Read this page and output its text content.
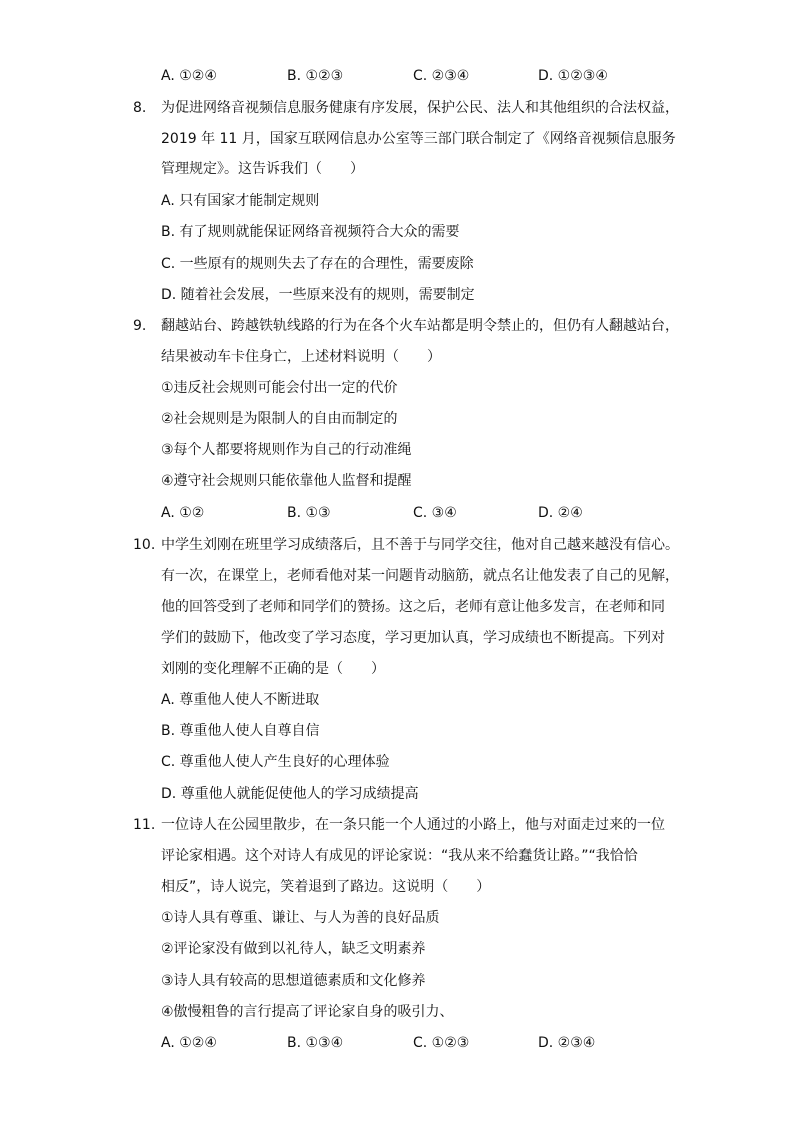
A. ①②④	B. ①②③	C. ②③④	D. ①②③④
8. 为促进网络音视频信息服务健康有序发展，保护公民、法人和其他组织的合法权益，
2019 年 11 月，国家互联网信息办公室等三部门联合制定了《网络音视频信息服务
管理规定》。这告诉我们（　　）
A. 只有国家才能制定规则
B. 有了规则就能保证网络音视频符合大众的需要
C. 一些原有的规则失去了存在的合理性，需要废除
D. 随着社会发展，一些原来没有的规则，需要制定
9. 翻越站台、跨越铁轨线路的行为在各个火车站都是明令禁止的，但仍有人翻越站台，
结果被动车卡住身亡，上述材料说明（　　）
①违反社会规则可能会付出一定的代价
②社会规则是为限制人的自由而制定的
③每个人都要将规则作为自己的行动准绳
④遵守社会规则只能依靠他人监督和提醒
A. ①②	B. ①③	C. ③④	D. ②④
10. 中学生刘刚在班里学习成绩落后，且不善于与同学交往，他对自己越来越没有信心。
有一次，在课堂上，老师看他对某一问题肯动脑筋，就点名让他发表了自己的见解，
他的回答受到了老师和同学们的赞扬。这之后，老师有意让他多发言，在老师和同
学们的鼓励下，他改变了学习态度，学习更加认真，学习成绩也不断提高。下列对
刘刚的变化理解不正确的是（　　）
A. 尊重他人使人不断进取
B. 尊重他人使人自尊自信
C. 尊重他人使人产生良好的心理体验
D. 尊重他人就能促使他人的学习成绩提高
11. 一位诗人在公园里散步，在一条只能一个人通过的小路上，他与对面走过来的一位
评论家相遇。这个对诗人有成见的评论家说：“我从来不给蠢货让路。”“我恰恰
相反”，诗人说完，笑着退到了路边。这说明（　　）
①诗人具有尊重、谦让、与人为善的良好品质
②评论家没有做到以礼待人，缺乏文明素养
③诗人具有较高的思想道德素质和文化修养
④傲慢粗鲁的言行提高了评论家自身的吸引力、
A. ①②④	B. ①③④	C. ①②③	D. ②③④
